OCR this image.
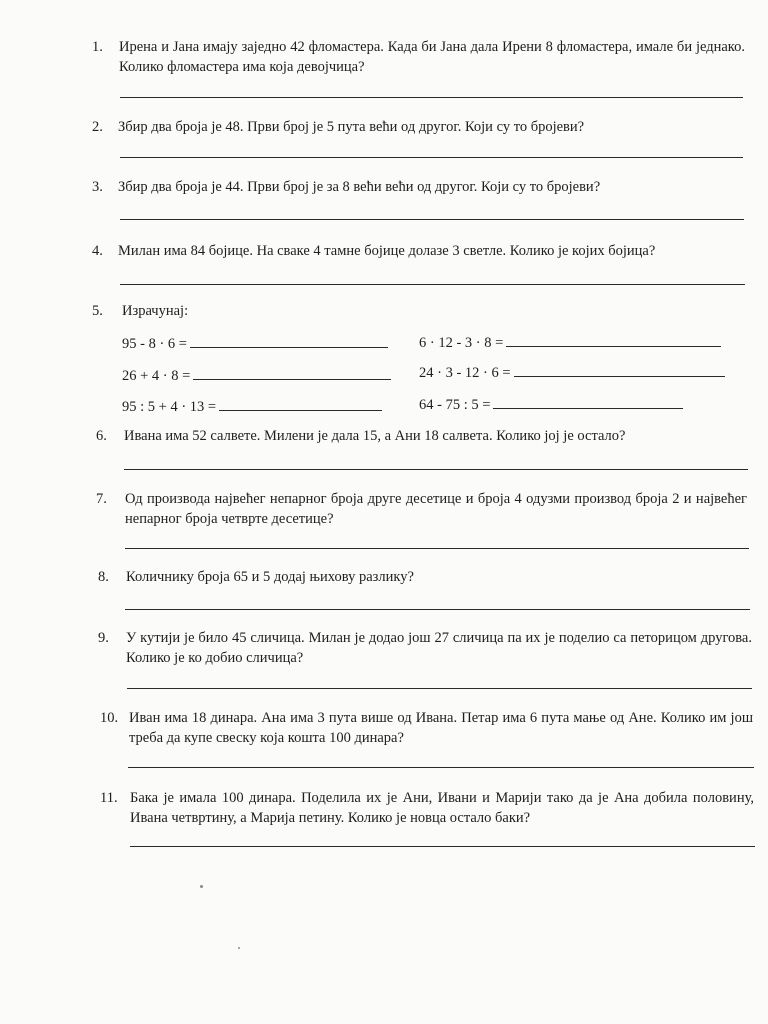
1. Ирена и Јана имају заједно 42 фломастера. Када би Јана дала Ирени 8 фломастера, имале би једнако. Колико фломастера има која девојчица?
2. Збир два броја је 48. Први број је 5 пута већи од другог. Који су то бројеви?
3. Збир два броја је 44. Први број је за 8 већи већи од другог. Који су то бројеви?
4. Милан има 84 бојице. На сваке 4 тамне бојице долазе 3 светле. Колико је којих бојица?
5. Израчунај:
95 - 8 · 6 =
26 + 4 · 8 =
95 : 5 + 4 · 13 =
6 · 12 - 3 · 8 =
24 · 3 - 12 · 6 =
64 - 75 : 5 =
6. Ивана има 52 салвете. Милени је дала 15, а Ани 18 салвета. Колико јој је остало?
7. Од производа највећег непарног броја друге десетице и броја 4 одузми производ броја 2 и највећег непарног броја четврте десетице?
8. Количнику броја 65 и 5 додај њихову разлику?
9. У кутији је било 45 сличица. Милан је додао још 27 сличица па их је поделио са петорицом другова. Колико је ко добио сличица?
10. Иван има 18 динара. Ана има 3 пута више од Ивана. Петар има 6 пута мање од Ане. Колико им још треба да купе свеску која кошта 100 динара?
11. Бака је имала 100 динара. Поделила их је Ани, Ивани и Марији тако да је Ана добила половину, Ивана четвртину, а Марија петину. Колико је новца остало баки?
